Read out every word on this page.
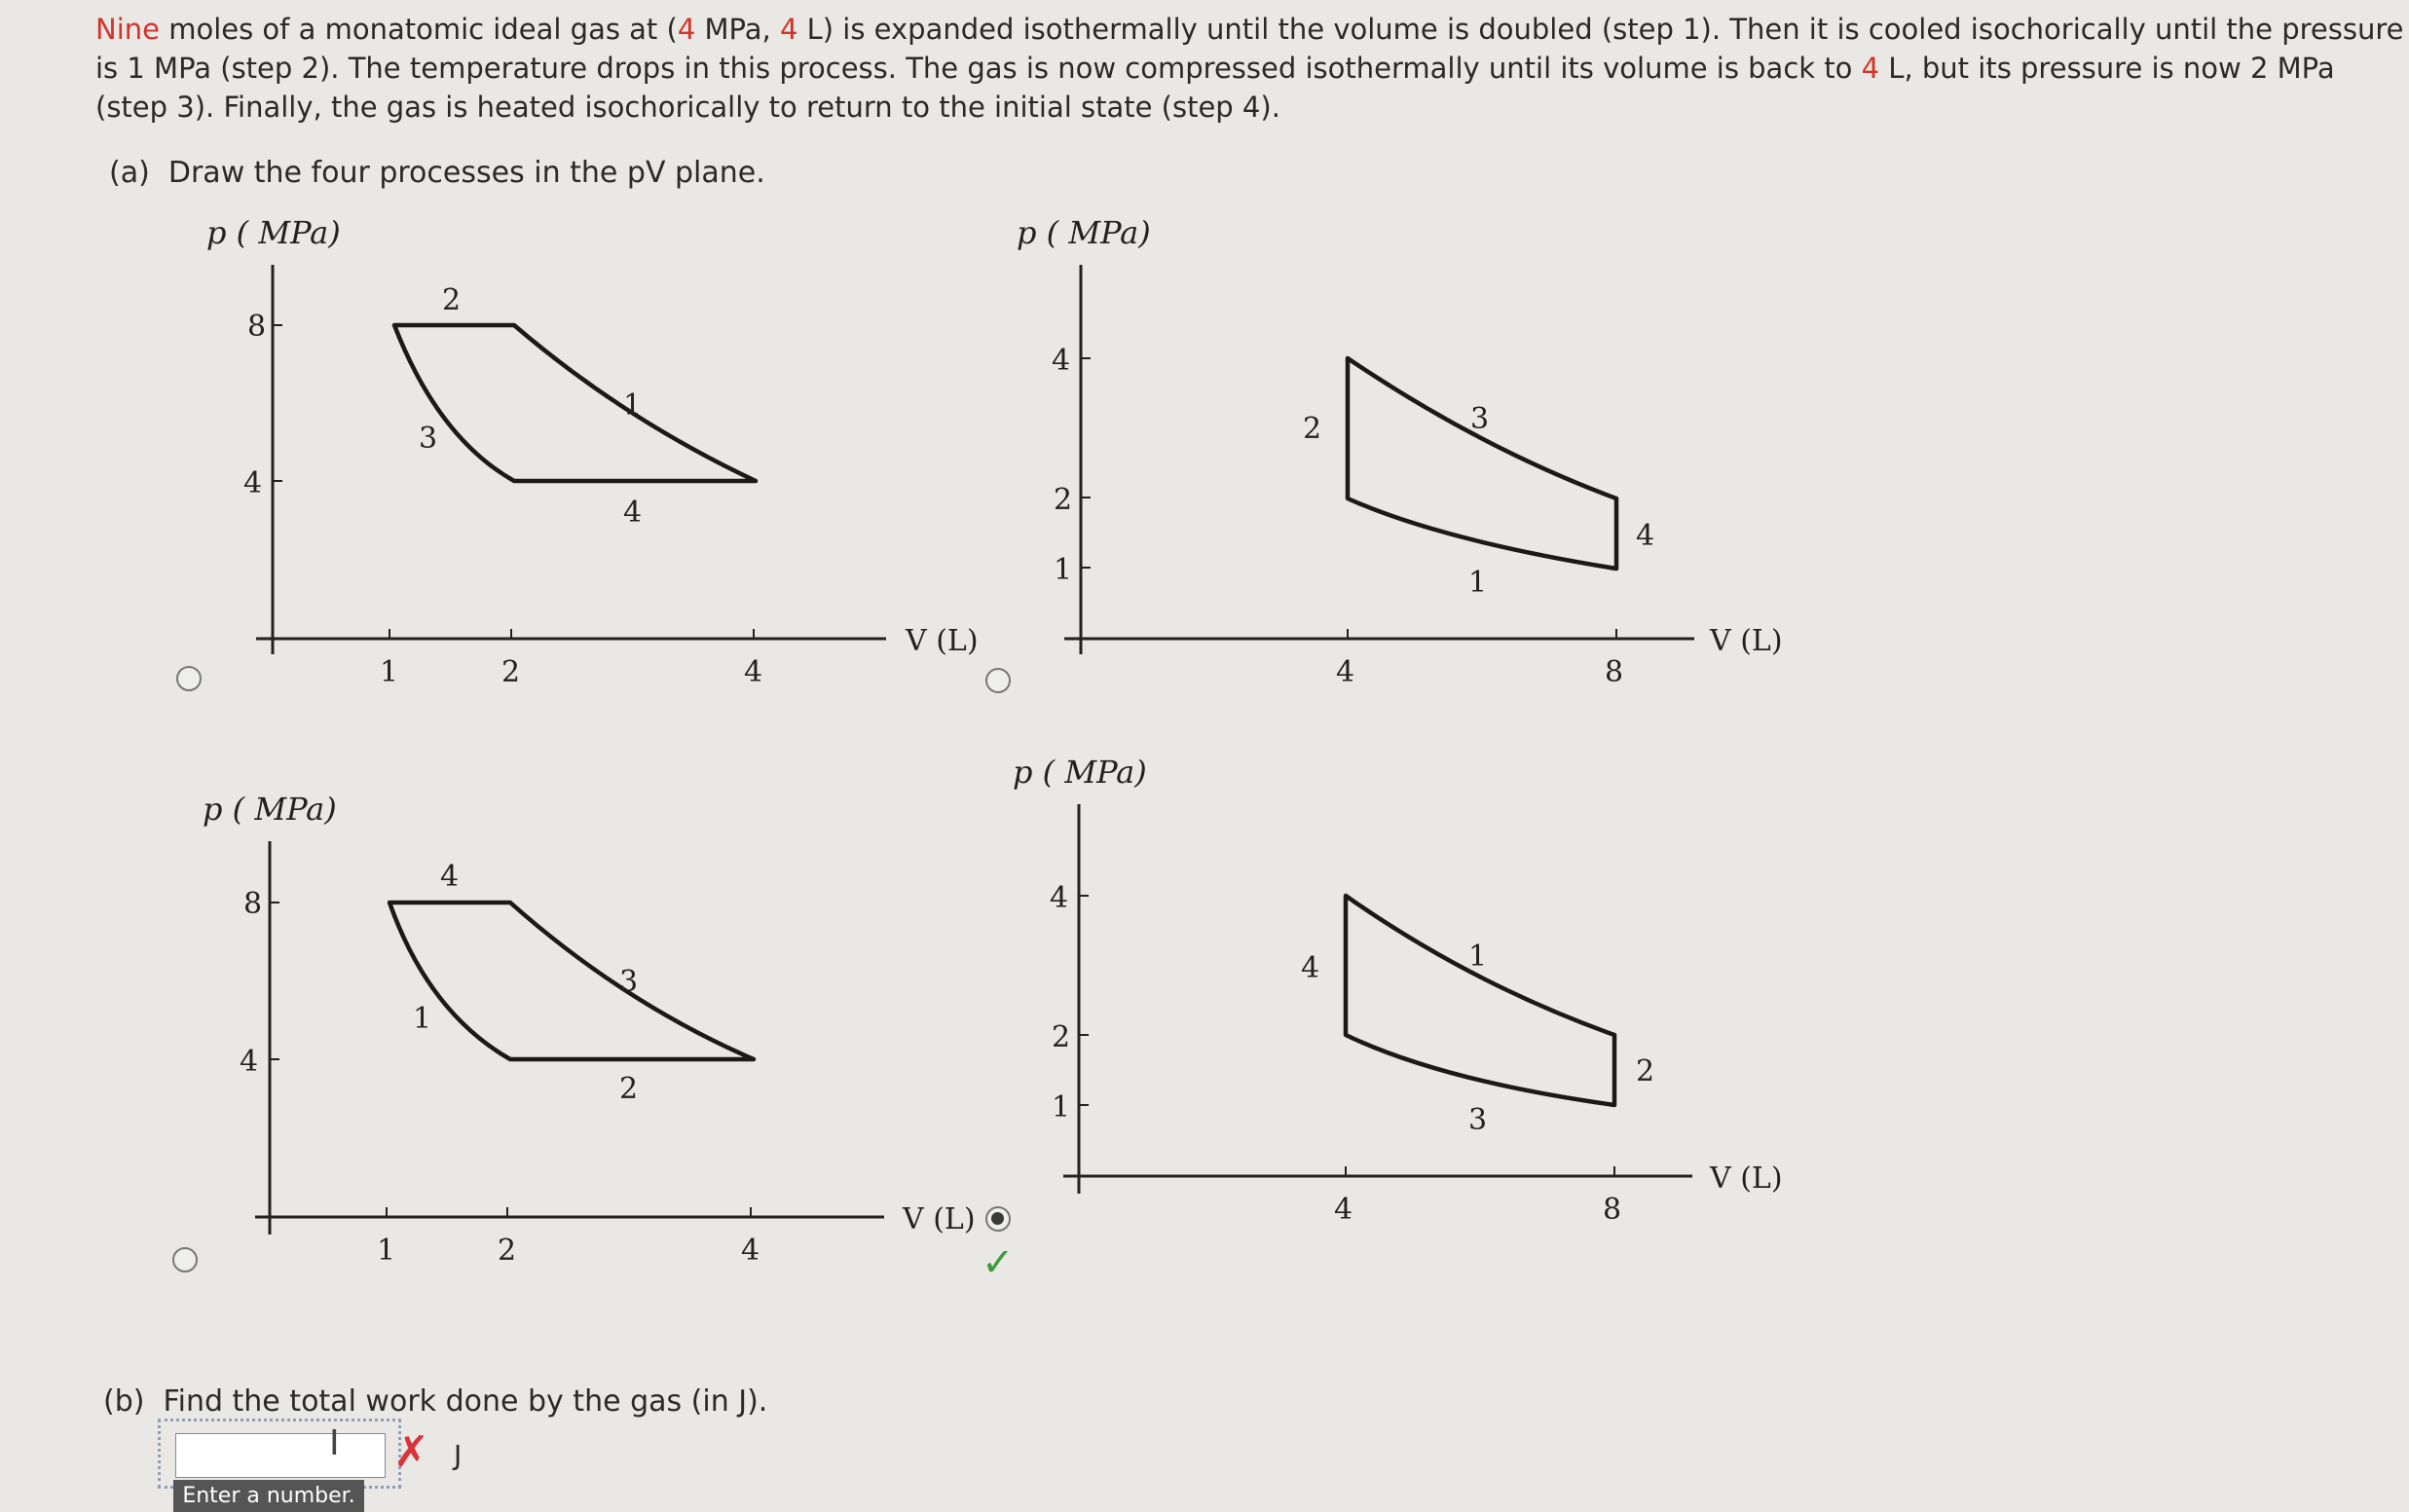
Nine moles of a monatomic ideal gas at (4 MPa, 4 L) is expanded isothermally until the volume is doubled (step 1). Then it is cooled isochorically until the pressure is 1 MPa (step 2). The temperature drops in this process. The gas is now compressed isothermally until its volume is back to 4 L, but its pressure is now 2 MPa (step 3). Finally, the gas is heated isochorically to return to the initial state (step 4).

(a) Draw the four processes in the pV plane.
p ( MPa)
V (L)
8
4
1	2	4
2
1
3
4
p ( MPa)
V (L)
4
2
1
4	8
2	3
4
1
p ( MPa)
V (L)
8
4
1	2	4
4
3
1
2
p ( MPa)
V (L)
4
2
1
4	8
4	1
2
3
✓
(b) Find the total work done by the gas (in J).
I ✗ J
Enter a number.
